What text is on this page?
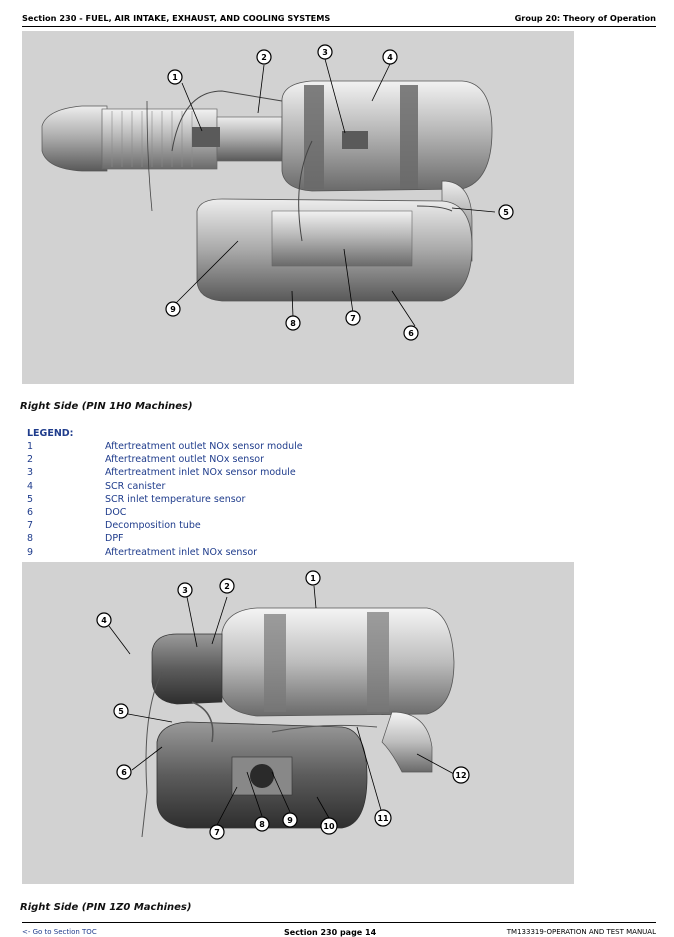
Section 230 - FUEL, AIR INTAKE, EXHAUST, AND COOLING SYSTEMS	Group 20: Theory of Operation
1
2
3
4
5
6
7
8
9
Right Side (PIN 1H0 Machines)
LEGEND:
1	Aftertreatment outlet NOx sensor module
2	Aftertreatment outlet NOx sensor
3	Aftertreatment inlet NOx sensor module
4	SCR canister
5	SCR inlet temperature sensor
6	DOC
7	Decomposition tube
8	DPF
9	Aftertreatment inlet NOx sensor
1
2
3
4
5
6
7
8	9
10
11
12
Right Side (PIN 1Z0 Machines)
<- Go to Section TOC	Section 230 page 14	TM133319-OPERATION AND TEST MANUAL
